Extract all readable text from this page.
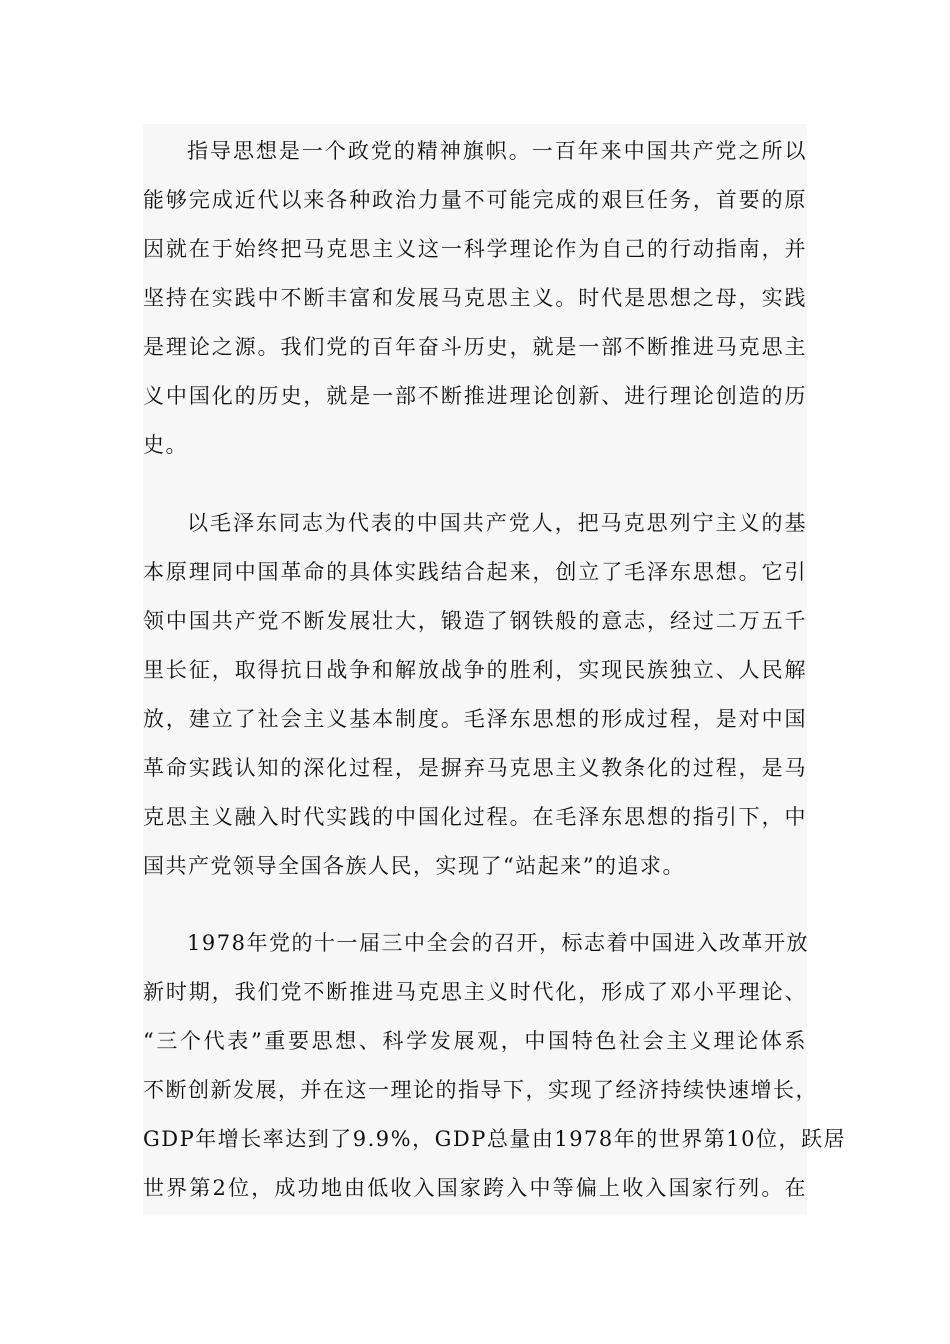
指导思想是一个政党的精神旗帜。一百年来中国共产党之所以
能够完成近代以来各种政治力量不可能完成的艰巨任务，首要的原
因就在于始终把马克思主义这一科学理论作为自己的行动指南，并
坚持在实践中不断丰富和发展马克思主义。时代是思想之母，实践
是理论之源。我们党的百年奋斗历史，就是一部不断推进马克思主
义中国化的历史，就是一部不断推进理论创新、进行理论创造的历
史。
以毛泽东同志为代表的中国共产党人，把马克思列宁主义的基
本原理同中国革命的具体实践结合起来，创立了毛泽东思想。它引
领中国共产党不断发展壮大，锻造了钢铁般的意志，经过二万五千
里长征，取得抗日战争和解放战争的胜利，实现民族独立、人民解
放，建立了社会主义基本制度。毛泽东思想的形成过程，是对中国
革命实践认知的深化过程，是摒弃马克思主义教条化的过程，是马
克思主义融入时代实践的中国化过程。在毛泽东思想的指引下，中
国共产党领导全国各族人民，实现了“站起来”的追求。
1978年党的十一届三中全会的召开，标志着中国进入改革开放
新时期，我们党不断推进马克思主义时代化，形成了邓小平理论、
“三个代表”重要思想、科学发展观，中国特色社会主义理论体系
不断创新发展，并在这一理论的指导下，实现了经济持续快速增长，
GDP年增长率达到了9.9%，GDP总量由1978年的世界第10位，跃居
世界第2位，成功地由低收入国家跨入中等偏上收入国家行列。在
